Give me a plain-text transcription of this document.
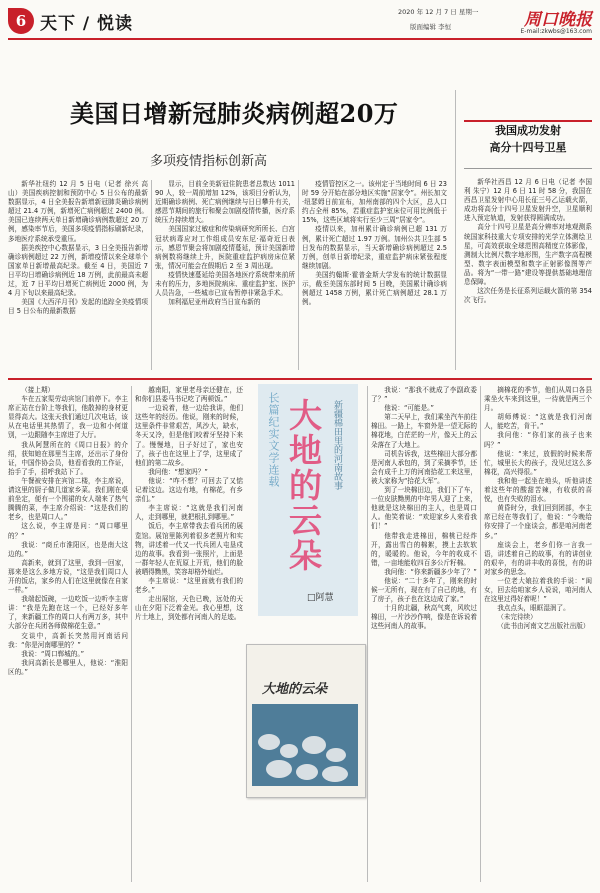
6 天下 / 悦读
2020 年 12 月 7 日 星期一
版面编辑 李恒	周口晚报
E-mail:zkwbs@163.com
美国日增新冠肺炎病例超20万
多项疫情指标创新高

新华社纽约 12 月 5 日电（记者 徐兴 高山）美国疾病控制和预防中心 5 日公布的最新数据显示，4 日全美报告新增新冠肺炎确诊病例超过 21.4 万例，新增死亡病例超过 2400 例。美国已连续两天单日新增确诊病例数超过 20 万例，感染率节后，美国多项疫情指标刷新纪录，多地医疗系统承受重压。

据美疾控中心数据显示，3 日全美报告新增确诊病例超过 22 万例，新增疫情以来全球单个国家单日新增最高纪录。截至 4 日，美国近 7 日平均日增确诊病例近 18 万例，此前最高未超过，近 7 日平均日增死亡病例近 2000 例，为 4 月下旬以来最高纪录。

美国《大西洋月刊》发起的追踪全美疫情项目 5 日公布的最新数据

显示，目前全美新冠住院患者总数达 101190 人，较一周前增加 12%，该项目分析认为，近期确诊病例、死亡病例继续与日日攀升有关，感恩节期间的旅行和聚会加剧疫情传播，医疗系统压力持续增大。

美国国家过敏症和传染病研究所所长、白宫冠状病毒应对工作组成员安东尼·福奇近日表示，感恩节聚会将加剧疫情蔓延，预计美国新增病例数将继续上升，医院重症监护病房床位紧张，情况可能会在假期后 2 至 3 周出现。

疫情快速蔓延给美国各地医疗系统带来前所未有的压力，多地医院病床、重症监护室、医护人员告急，一些城市已宣布暂停非紧急手术。

加利福尼亚州政府当日宣布新的

疫情管控区之一。该州定于当地时间 6 日 23 时 59 分开始在部分地区实施“居家令”。州长加文·纽瑟姆日前宣布，加州南部的四个大区，总人口约占全州 85%，若重症监护室床位可用比例低于 15%，这些区域将实行至少三周“居家令”。

疫情以来，加州累计确诊病例已超 131 万例，累计死亡超过 1.97 万例。加州公共卫生部 5 日发布的数据显示，当天新增确诊病例超过 2.5 万例，创单日新增纪录，重症监护病床紧张程度继续加剧。

美国约翰斯·霍普金斯大学发布的统计数据显示，截至美国东部时间 5 日晚，美国累计确诊病例超过 1458 万例，累计死亡病例超过 28.1 万例。

我国成功发射
高分十四号卫星

新华社西昌 12 月 6 日电（记者 李国利 朱宁）12 月 6 日 11 时 58 分，我国在西昌卫星发射中心用长征三号乙运载火箭，成功将高分十四号卫星发射升空，卫星顺利进入预定轨道，发射获得圆满成功。

高分十四号卫星是高分辨率对地观测系统国家科技重大专项安排的光学立体测绘卫星，可高效获取全球范围高精度立体影像，测制大比例尺数字地形图，生产数字高程模型、数字表面模型和数字正射影像图等产品。将为“一带一路”建设等提供基础地理信息保障。

这次任务是长征系列运载火箭的第 354 次飞行。

（接上期）

车在五家渠劳动宾馆门前停下。李主席正站在台阶上等我们，他散掉的身材更显得高大。这张天我们通过几次电话，该从在电话里其热情了，我一边和小何道别，一边跟随李主席进了大厅。

我从阿慧所在的《周口日报》的介绍，获知她在那里当主席，还出示了身份证，中国作协会员，他看看我的工作证，抬手了手，招呼我站下了。

午餐被安排在宾馆二楼，李主席说，请这里的厨子做几道家乡菜。我们刚在桌前坐定，便有一个围裙的女人端来了热气腾腾的菜，李主席介绍说：“这是我们的老乡，也是周口人。”

这么说，李主席是问：“周口哪里的？”

我说：“商丘市淮阳区，也是南大这边的。”

高新来，就到了这里，我到一回家，那来是这么多地方说，“这是我们周口人开的饭店，家乡的人们在这里就像在自家一样。”

我端起饭碗，一边吃饭一边听李主席讲：“我是先跑在这一个，已经好多年了，来新疆工作的周口人有两万多，其中大部分在兵团各师做棉花生意。”

交谈中，高新长突然用河南话问我：“你是河南哪里的？”

我说：“周口郸城的。”

我问高新长是哪里人，他说：“淮阳区的。”

越南阳，家里老母亲还健在，还和你们县委马书记吃了两顿饭。”

一边说着，他一边给我讲，他们这些年的经历。他说，刚来的时候，这里条件非常艰苦，风沙大，缺水，冬天又冷，但是他们咬着牙坚持下来了。慢慢地，日子好过了，家也安了，孩子也在这里上了学，这里成了他们的第二故乡。

我问他：“想家吗？”

他说：“咋不想？可回去了又惦记着这边。这边有地，有棉花，有乡亲们。”

李主席说：“这就是我们河南人，走到哪里，就把根扎到哪里。”

饭后，李主席带我去看兵团的展览馆。展馆里陈列着很多老照片和实物，讲述着一代又一代兵团人屯垦戍边的故事。我看到一张照片，上面是一群年轻人在荒原上开荒，他们的脸被晒得黝黑，笑容却格外灿烂。

李主席说：“这里面就有我们的老乡。”

走出展馆，天色已晚，远处的天山在夕阳下泛着金光。我心里想，这片土地上，到处都有河南人的足迹。

长篇纪实文学连载 大地的云朵 新疆棉田里的河南故事
□阿慧
大地的云朵

我说：“那我不就成了李副政委了？”

他说：“可能是。”

第二天早上，我们乘坐汽车前往棉田。一路上，车窗外是一望无际的棉花地，白茫茫的一片，像天上的云朵落在了大地上。

司机告诉我，这些棉田大部分都是河南人承包的，到了采摘季节，还会有成千上万的河南拾花工来这里，被大家称为“拾花大军”。

到了一块棉田边，我们下了车，一位皮肤黝黑的中年男人迎了上来，他就是这块棉田的主人，也是周口人。他笑着说：“欢迎家乡人来看我们！”

他带我走进棉田，棉桃已经炸开，露出雪白的棉絮，摸上去软软的，暖暖的。他说，今年的收成不错，一亩地能收四百多公斤籽棉。

我问他：“你来新疆多少年了？”

他说：“二十多年了，刚来的时候一无所有，现在有了自己的地，有了房子，孩子也在这边成了家。”

十月的北疆，秋高气爽，风吹过棉田，一片沙沙作响，像是在诉说着这些河南人的故事。

摘棉花的季节，他们从周口各县乘坐火车来到这里，一待就是两三个月。

胡师傅说：“这就是我们河南人，能吃苦，肯干。”

我问他：“你们家的孩子也来吗？”

他说：“来过，放假的时候来帮忙，城里长大的孩子，没见过这么多棉花，高兴得很。”

我和他一起坐在地头，听他讲述着这些年的酸甜苦辣，有收获的喜悦，也有失败的泪水。

黄昏时分，我们回到团部，李主席已经在等我们了，他说：“今晚给你安排了一个座谈会，都是咱河南老乡。”

座谈会上，老乡们你一言我一语，讲述着自己的故事，有的讲创业的艰辛，有的讲丰收的喜悦，有的讲对家乡的思念。

一位老大娘拉着我的手说：“闺女，回去给咱家乡人说说，咱河南人在这里过得好着呢！”

我点点头，眼眶湿润了。

（未完待续）

（此书由河南文艺出版社出版）
